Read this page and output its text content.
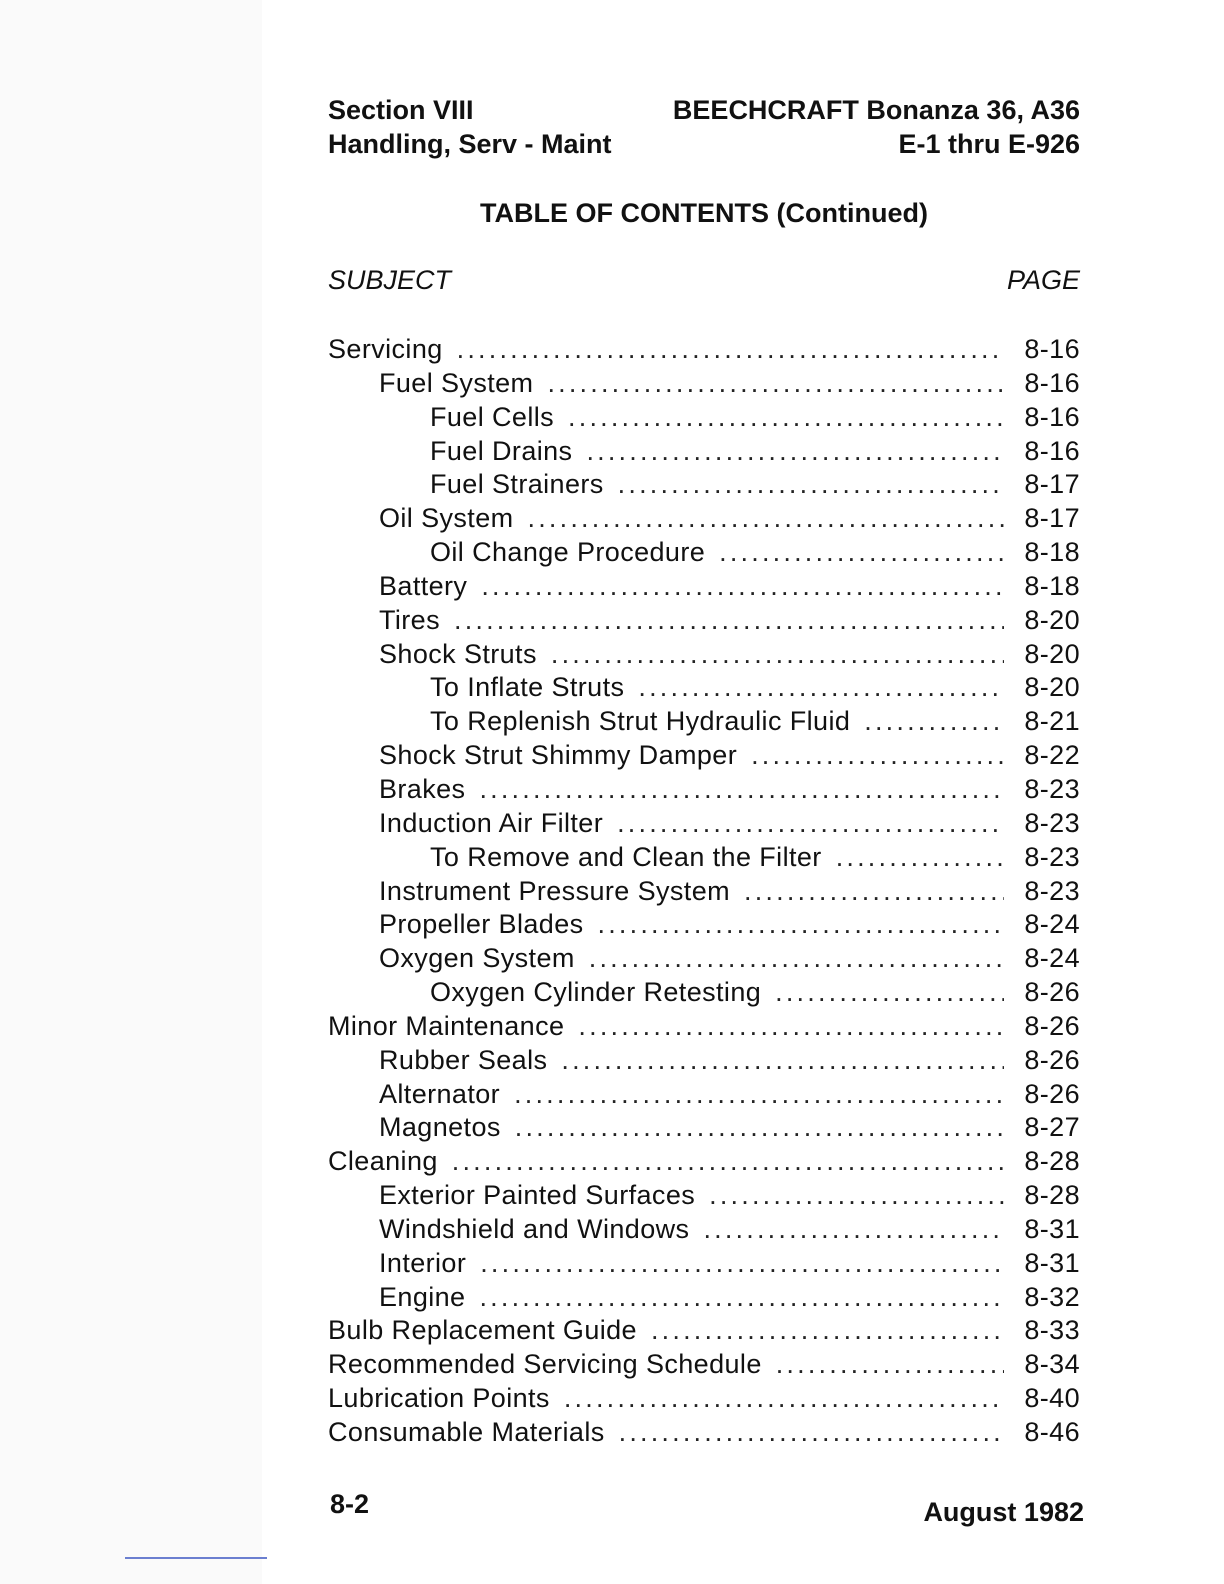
Section VIII	BEECHCRAFT Bonanza 36, A36
Handling, Serv - Maint	E-1 thru E-926
TABLE OF CONTENTS (Continued)
SUBJECT	PAGE
Servicing .....	8-16
Fuel System .....	8-16
Fuel Cells .....	8-16
Fuel Drains .....	8-16
Fuel Strainers .....	8-17
Oil System .....	8-17
Oil Change Procedure .....	8-18
Battery .....	8-18
Tires .....	8-20
Shock Struts .....	8-20
To Inflate Struts .....	8-20
To Replenish Strut Hydraulic Fluid .....	8-21
Shock Strut Shimmy Damper .....	8-22
Brakes .....	8-23
Induction Air Filter .....	8-23
To Remove and Clean the Filter .....	8-23
Instrument Pressure System .....	8-23
Propeller Blades .....	8-24
Oxygen System .....	8-24
Oxygen Cylinder Retesting .....	8-26
Minor Maintenance .....	8-26
Rubber Seals .....	8-26
Alternator .....	8-26
Magnetos .....	8-27
Cleaning .....	8-28
Exterior Painted Surfaces .....	8-28
Windshield and Windows .....	8-31
Interior .....	8-31
Engine .....	8-32
Bulb Replacement Guide .....	8-33
Recommended Servicing Schedule .....	8-34
Lubrication Points .....	8-40
Consumable Materials .....	8-46
8-2	August 1982
